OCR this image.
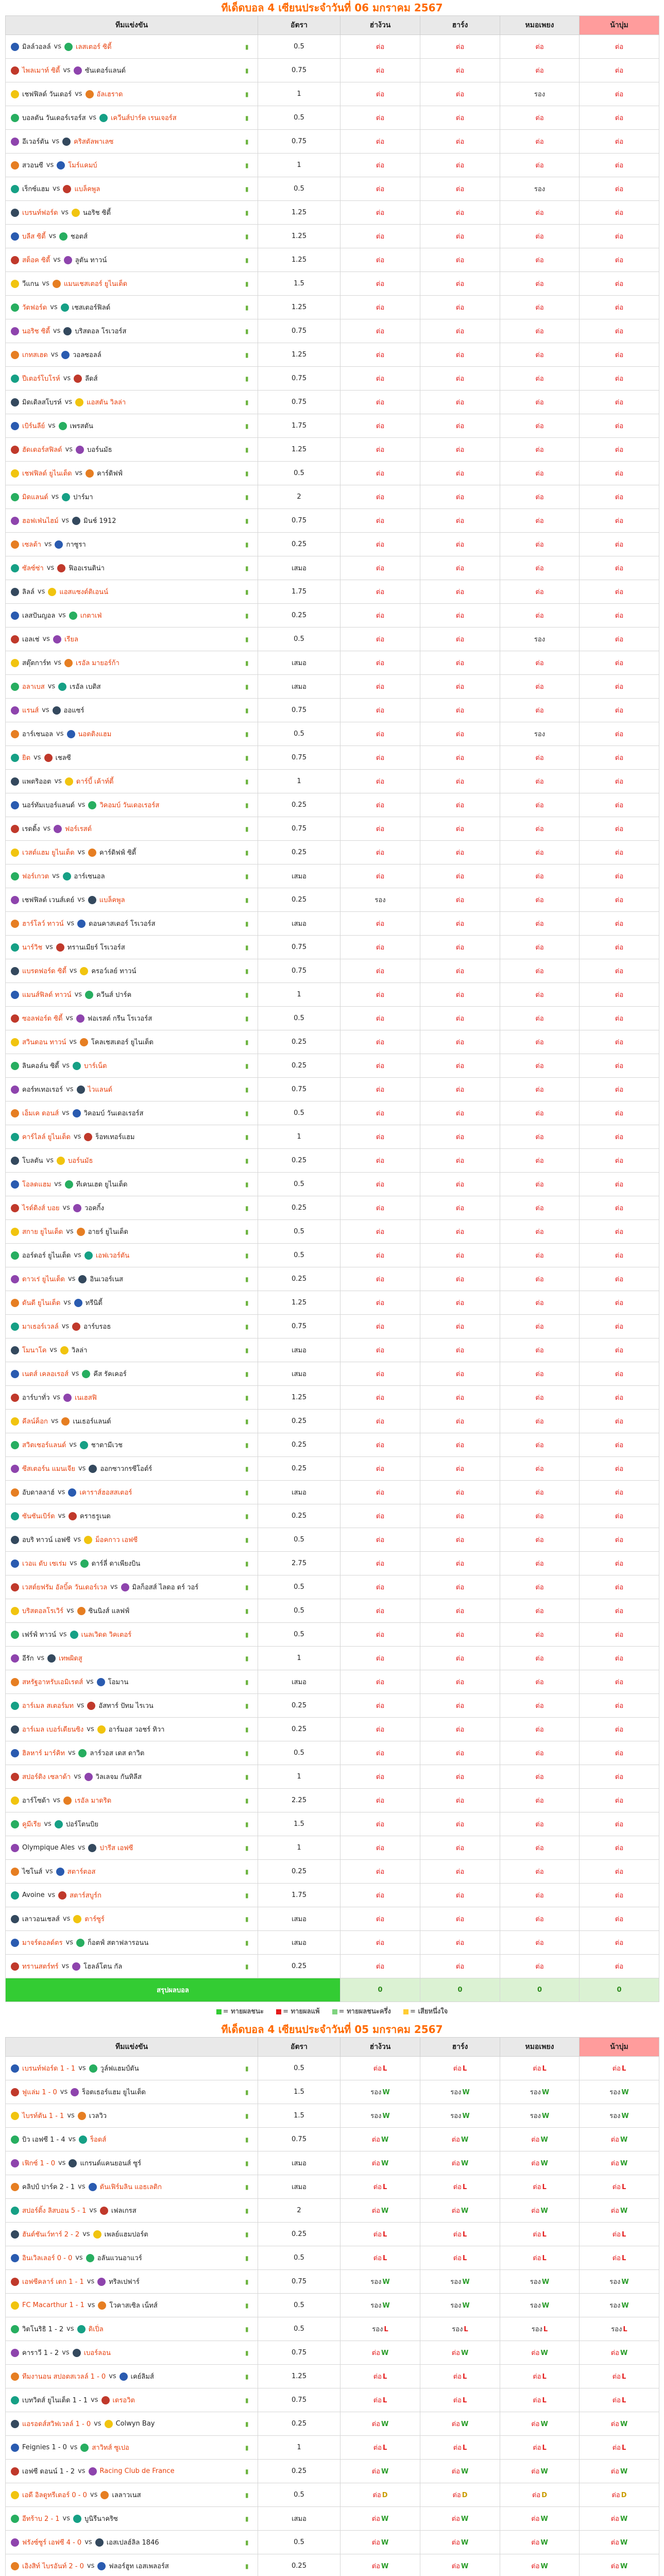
ทีเด็ดบอล 4 เซียนประจำวันที่ 06 มกราคม 2567
ทีมแข่งขัน	อัตรา	ฮ่าง้วน	ฮาร์ง	หมอเพยง	น้าบุ่ม
มิลล์วอลล์ vs เลสเตอร์ ซิตี้ ▮	0.5	ต่อ	ต่อ	ต่อ	ต่อ
ไพลเมาท์ ซิตี้ vs ซันเดอร์แลนด์ ▮	0.75	ต่อ	ต่อ	ต่อ	ต่อ
เชฟฟิลด์ วันเดอร์ vs อัลเฮราด ▮	1	ต่อ	ต่อ	รอง	ต่อ
บอลตัน วันเดอร์เรอร์ส vs เควีนส์ปาร์ค เรนเจอร์ส ▮	0.5	ต่อ	ต่อ	ต่อ	ต่อ
อีเวอร์ตัน vs คริสตัลพาเลซ ▮	0.75	ต่อ	ต่อ	ต่อ	ต่อ
สวอนซี vs โมร์แคมบ์ ▮	1	ต่อ	ต่อ	ต่อ	ต่อ
เร็กซ์แฮม vs แบล็คพูล ▮	0.5	ต่อ	ต่อ	รอง	ต่อ
เบรนท์ฟอร์ด vs นอริช ซิตี้ ▮	1.25	ต่อ	ต่อ	ต่อ	ต่อ
บลีส ซิตี้ vs ชอตส์ ▮	1.25	ต่อ	ต่อ	ต่อ	ต่อ
สต็อค ซิตี้ vs ลูตัน ทาวน์ ▮	1.25	ต่อ	ต่อ	ต่อ	ต่อ
วีแกน vs แมนเชสเตอร์ ยูไนเต็ด ▮	1.5	ต่อ	ต่อ	ต่อ	ต่อ
วัตฟอร์ด vs เชสเตอร์ฟิลด์ ▮	1.25	ต่อ	ต่อ	ต่อ	ต่อ
นอริช ซิตี้ vs บริสตอล โรเวอร์ส ▮	0.75	ต่อ	ต่อ	ต่อ	ต่อ
เกทสเฮด vs วอลซอลล์ ▮	1.25	ต่อ	ต่อ	ต่อ	ต่อ
ปีเตอร์โบโรห์ vs ลีดส์ ▮	0.75	ต่อ	ต่อ	ต่อ	ต่อ
มิดเดิลสโบรห์ vs แอสตัน วิลล่า ▮	0.75	ต่อ	ต่อ	ต่อ	ต่อ
เบิร์นลีย์ vs เพรสตัน ▮	1.75	ต่อ	ต่อ	ต่อ	ต่อ
ฮัดเดอร์สฟิลด์ vs บอร์นมัธ ▮	1.25	ต่อ	ต่อ	ต่อ	ต่อ
เชฟฟิลด์ ยูไนเต็ด vs คาร์ดิฟฟ์ ▮	0.5	ต่อ	ต่อ	ต่อ	ต่อ
มิดแลนด์ vs ปาร์มา ▮	2	ต่อ	ต่อ	ต่อ	ต่อ
ฮอฟเฟ่นไฮม์ vs มินช์ 1912 ▮	0.75	ต่อ	ต่อ	ต่อ	ต่อ
เซลต้า vs กาซูรา ▮	0.25	ต่อ	ต่อ	ต่อ	ต่อ
ซัลซ์ซ่า vs ฟิออเรนติน่า ▮	เสมอ	ต่อ	ต่อ	ต่อ	ต่อ
ลิลล์ vs แอสแซงต์ติเอนน์ ▮	1.75	ต่อ	ต่อ	ต่อ	ต่อ
เลสปันญอล vs เกตาเฟ่ ▮	0.25	ต่อ	ต่อ	ต่อ	ต่อ
เอลเช่ vs เรียล ▮	0.5	ต่อ	ต่อ	รอง	ต่อ
สตุ๊ตการ์ท vs เรอัล มายอร์ก้า ▮	เสมอ	ต่อ	ต่อ	ต่อ	ต่อ
อลาเบส vs เรอัล เบติส ▮	เสมอ	ต่อ	ต่อ	ต่อ	ต่อ
แรนส์ vs ออแซร์ ▮	0.75	ต่อ	ต่อ	ต่อ	ต่อ
อาร์เซนอล vs นอตติงแฮม ▮	0.5	ต่อ	ต่อ	รอง	ต่อ
ยิต vs เชลซี ▮	0.75	ต่อ	ต่อ	ต่อ	ต่อ
แพตริออต vs ดาร์บี้ เค้าท์ตี้ ▮	1	ต่อ	ต่อ	ต่อ	ต่อ
นอร์ทัมเบอร์แลนด์ vs วิคอมบ์ วันเดอเรอร์ส ▮	0.25	ต่อ	ต่อ	ต่อ	ต่อ
เรดดิ้ง vs ฟอร์เรสต์ ▮	0.75	ต่อ	ต่อ	ต่อ	ต่อ
เวสต์แฮม ยูไนเต็ด vs คาร์ดิฟฟ์ ซิตี้ ▮	0.25	ต่อ	ต่อ	ต่อ	ต่อ
ฟอร์เกวต vs อาร์เซนอล ▮	เสมอ	ต่อ	ต่อ	ต่อ	ต่อ
เชฟฟิลด์ เวนส์เดย์ vs แบล็คพูล ▮	0.25	รอง	ต่อ	ต่อ	ต่อ
ฮาร์โลว์ ทาวน์ vs ดอนคาสเตอร์ โรเวอร์ส ▮	เสมอ	ต่อ	ต่อ	ต่อ	ต่อ
นาร์วิช vs ทรานเมียร์ โรเวอร์ส ▮	0.75	ต่อ	ต่อ	ต่อ	ต่อ
แบรดฟอร์ด ซิตี้ vs ครอว์เลย์ ทาวน์ ▮	0.75	ต่อ	ต่อ	ต่อ	ต่อ
แมนส์ฟิลด์ ทาวน์ vs ควีนส์ ปาร์ค ▮	1	ต่อ	ต่อ	ต่อ	ต่อ
ซอลฟอร์ด ซิตี้ vs ฟอเรสต์ กรีน โรเวอร์ส ▮	0.5	ต่อ	ต่อ	ต่อ	ต่อ
สวินดอน ทาวน์ vs โคลเชสเตอร์ ยูไนเต็ด ▮	0.25	ต่อ	ต่อ	ต่อ	ต่อ
ลินคอล์น ซิตี้ vs บาร์เน็ต ▮	0.25	ต่อ	ต่อ	ต่อ	ต่อ
คอร์ทเทอเรอร์ vs ไวแลนด์ ▮	0.75	ต่อ	ต่อ	ต่อ	ต่อ
เอ็มเค ดอนส์ vs วิคอมบ์ วันเดอเรอร์ส ▮	0.5	ต่อ	ต่อ	ต่อ	ต่อ
คาร์ไลล์ ยูไนเต็ด vs ร็อทเทอร์แฮม ▮	1	ต่อ	ต่อ	ต่อ	ต่อ
โบลตัน vs บอร์นมัธ ▮	0.25	ต่อ	ต่อ	ต่อ	ต่อ
โอลดแฮม vs ทีเคนเฮด ยูไนเต็ด ▮	0.5	ต่อ	ต่อ	ต่อ	ต่อ
ไรด์ดิงส์ บอย vs วอคกิ้ง ▮	0.25	ต่อ	ต่อ	ต่อ	ต่อ
สกาย ยูไนเต็ด vs อายร์ ยูไนเต็ด ▮	0.5	ต่อ	ต่อ	ต่อ	ต่อ
ออร์ดอร์ ยูไนเต็ด vs เอฟเวอร์ตัน ▮	0.5	ต่อ	ต่อ	ต่อ	ต่อ
ดาวเร่ ยูไนเต็ด vs อินเวอร์เนส ▮	0.25	ต่อ	ต่อ	ต่อ	ต่อ
ดันดี ยูไนเต็ด vs ทรีนิตี้ ▮	1.25	ต่อ	ต่อ	ต่อ	ต่อ
มาเธอร์เวลล์ vs อาร์บรอธ ▮	0.75	ต่อ	ต่อ	ต่อ	ต่อ
โมนาโค vs วิลล่า ▮	เสมอ	ต่อ	ต่อ	ต่อ	ต่อ
เนตส์ เคลอเรอส์ vs คีส รัคเคอร์ ▮	เสมอ	ต่อ	ต่อ	ต่อ	ต่อ
อาร์บาทั่ว vs เนเฮสฟิ ▮	1.25	ต่อ	ต่อ	ต่อ	ต่อ
คีลน์ค็อก vs เนเธอร์แลนด์ ▮	0.25	ต่อ	ต่อ	ต่อ	ต่อ
สวิตเซอร์แลนด์ vs ชาตามีเวช ▮	0.25	ต่อ	ต่อ	ต่อ	ต่อ
ซีสเตอร์น แมนเจีย vs ออกซาวกรซีโอต์ร์ ▮	0.25	ต่อ	ต่อ	ต่อ	ต่อ
อับดาลลาฮ์ vs เคาราส์ฮอสสเตอร์ ▮	เสมอ	ต่อ	ต่อ	ต่อ	ต่อ
ซันซันเบิร์ด vs คราธรูเนด ▮	0.25	ต่อ	ต่อ	ต่อ	ต่อ
อบริ ทาวน์ เอฟซี vs ม็อคกาว เอฟซี ▮	0.5	ต่อ	ต่อ	ต่อ	ต่อ
เวอแ ดับ เซเร่ม vs ดาร์ลี่ ดาเพียงบิน ▮	2.75	ต่อ	ต่อ	ต่อ	ต่อ
เวสต์ยฟรัม อัลบิ้ค วันเดอร์เวล vs มิลก็อสส์ ไลดอ ดร์ วอร์ ▮	0.5	ต่อ	ต่อ	ต่อ	ต่อ
บริสตอลโรเวิร์ vs ซินนิงส์ แลฟฟ์ ▮	0.5	ต่อ	ต่อ	ต่อ	ต่อ
เฟร์ฟ์ ทาวน์ vs เนลเวิดด วิคเตอร์ ▮	0.5	ต่อ	ต่อ	ต่อ	ต่อ
อีรัก vs เทพผิดสู ▮	1	ต่อ	ต่อ	ต่อ	ต่อ
สหรัฐอาหรับเอมิเรตส์ vs โอมาน ▮	เสมอ	ต่อ	ต่อ	ต่อ	ต่อ
อาร์เมล สเตอร์มท vs อัสทาร์ ปัทม ไรเวน ▮	0.25	ต่อ	ต่อ	ต่อ	ต่อ
อาร์เมล เบอร์เดียนซิง vs อาร์มอส วอชร์ ทิวา ▮	0.25	ต่อ	ต่อ	ต่อ	ต่อ
ฮิลหาร์ มาร์คิท vs ลาร์วอส เดส ดาวิต ▮	0.5	ต่อ	ต่อ	ต่อ	ต่อ
สปอร์ติง เซลาด้า vs วิลเลจม กันทิลีส ▮	1	ต่อ	ต่อ	ต่อ	ต่อ
อาร์โซด้า vs เรอัล มาดริด ▮	2.25	ต่อ	ต่อ	ต่อ	ต่อ
คูมีเรีย vs ปอร์โตนบิย ▮	1.5	ต่อ	ต่อ	ต่อ	ต่อ
Olympique Ales vs ปารีส เอฟซี ▮	1	ต่อ	ต่อ	ต่อ	ต่อ
ไซโนส์ vs สตาร์ตอส ▮	0.25	ต่อ	ต่อ	ต่อ	ต่อ
Avoine vs สตาร์สบูร์ก ▮	1.75	ต่อ	ต่อ	ต่อ	ต่อ
เลาวอนเชลส์ vs ตาร์ซูร์ ▮	เสมอ	ต่อ	ต่อ	ต่อ	ต่อ
มาจร์ดอลด์ตร vs ก็อตฟ์ สตาฟลารอนน ▮	เสมอ	ต่อ	ต่อ	ต่อ	ต่อ
ทรานสตร์ทร์ vs โฮลล์โตน กัล ▮	0.25	ต่อ	ต่อ	ต่อ	ต่อ
สรุปผลบอล		0	0	0	0
= ทายผลชนะ	= ทายผลแพ้	= ทายผลชนะครึ่ง	= เสียหนึ่งใจ
ทีเด็ดบอล 4 เซียนประจำวันที่ 05 มกราคม 2567
ทีมแข่งขัน	อัตรา	ฮ่าง้วน	ฮาร์ง	หมอเพยง	น้าบุ่ม
เบรนท์ฟอร์ด 1 - 1 vs วูล์ฟแฮมป์ตัน ▮	0.5	ต่อ L	ต่อ L	ต่อ L	ต่อ L
ฟูแล่ม 1 - 0 vs ร็อตเธอร์แฮม ยูไนเต็ด ▮	1.5	รอง W	รอง W	รอง W	รอง W
ไบรท์ตัน 1 - 1 vs เวลวิว ▮	1.5	รอง W	รอง W	รอง W	รอง W
บิว เอฟซี 1 - 4 vs ร็อดส์ ▮	0.75	ต่อ W	ต่อ W	ต่อ W	ต่อ W
เฟิกซ์ 1 - 0 vs แกรนด์แคนยอนส์ ซูร์ ▮	เสมอ	ต่อ W	ต่อ W	ต่อ W	ต่อ W
คลิปป์ ปาร์ค 2 - 1 vs ดันเฟิร์มลิน แอธเลติก ▮	เสมอ	ต่อ L	ต่อ L	ต่อ L	ต่อ L
สปอร์ติ้ง ลิสบอน 5 - 1 vs เฟลเกรส ▮	2	ต่อ W	ต่อ W	ต่อ W	ต่อ W
ฮันต์ชันเว์ทาร์ 2 - 2 vs เพลย์แฮมปอร์ต ▮	0.25	ต่อ L	ต่อ L	ต่อ L	ต่อ L
อินเวิลเลอร์ 0 - 0 vs อลันแวนอาแวร์ ▮	0.5	ต่อ L	ต่อ L	ต่อ L	ต่อ L
เอฟซีคลาร์ เดก 1 - 1 vs ทริลเปฟาร์ ▮	0.75	รอง W	รอง W	รอง W	รอง W
FC Macarthur 1 - 1 vs โวคาสเซิล เน็ทส์ ▮	0.5	รอง W	รอง W	รอง W	รอง W
วิตโนริธิ 1 - 2 vs ดิเปิ่ล ▮	0.5	รอง L	รอง L	รอง L	รอง L
คาราวี 1 - 2 vs เบอร์ลอน ▮	0.75	ต่อ W	ต่อ W	ต่อ W	ต่อ W
ทีมงานอน สปอตสเวลล์ 1 - 0 vs เคย์ลิมส์ ▮	1.25	ต่อ L	ต่อ L	ต่อ L	ต่อ L
เบทวิตส์ ยูไนเต็ด 1 - 1 vs เดรอวิต ▮	0.75	ต่อ L	ต่อ L	ต่อ L	ต่อ L
แอรอดส์สวิฟเวลล์ 1 - 0 vs Colwyn Bay ▮	0.25	ต่อ W	ต่อ W	ต่อ W	ต่อ W
Feignies 1 - 0 vs สาวิทส์ ซูเปอ ▮	1	ต่อ L	ต่อ L	ต่อ L	ต่อ L
เอฟซี ดอนน์ 1 - 2 vs Racing Club de France ▮	0.25	ต่อ W	ต่อ W	ต่อ W	ต่อ W
เอดี อิลดูทรีเตอร์ 0 - 0 vs เลลาวเนส ▮	0.5	ต่อ D	ต่อ D	ต่อ D	ต่อ D
อีทร้าบ 2 - 1 vs บูนิรีนาคริซ ▮	เสมอ	ต่อ W	ต่อ W	ต่อ W	ต่อ W
ฟรังซ์ซูร์ เอฟซี 4 - 0 vs เอสเปลฮ์ลิล 1846 ▮	0.5	ต่อ W	ต่อ W	ต่อ W	ต่อ W
เอิงสิท์ ไบรอันท์ 2 - 0 vs ฟลอร์ฮูท เอสเพลอร์ส ▮	0.25	ต่อ W	ต่อ W	ต่อ W	ต่อ W
